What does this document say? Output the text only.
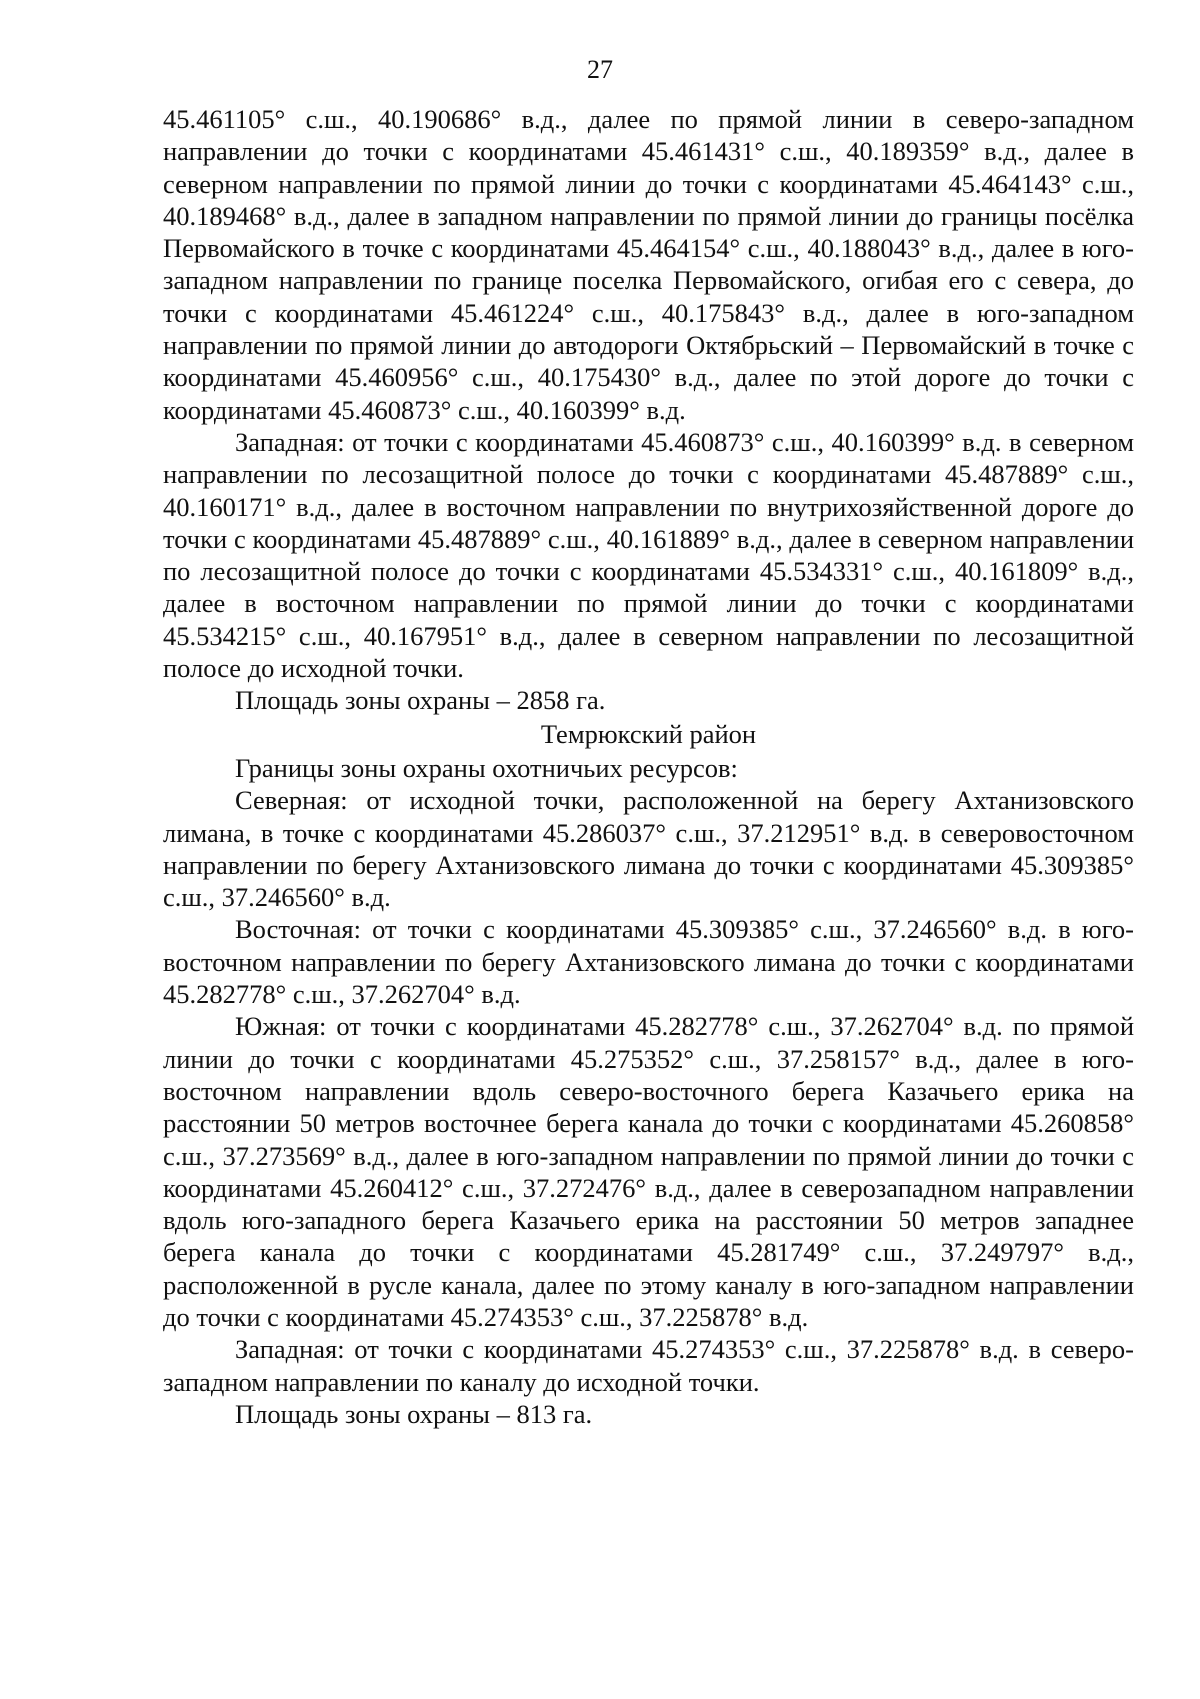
27

45.461105° с.ш., 40.190686° в.д., далее по прямой линии в северо-западном направлении до точки с координатами 45.461431° с.ш., 40.189359° в.д., далее в северном направлении по прямой линии до точки с координатами 45.464143° с.ш., 40.189468° в.д., далее в западном направлении по прямой линии до границы посёлка Первомайского в точке с координатами 45.464154° с.ш., 40.188043° в.д., далее в юго-западном направлении по границе поселка Первомайского, огибая его с севера, до точки с координатами 45.461224° с.ш., 40.175843° в.д., далее в юго-западном направлении по прямой линии до автодороги Октябрьский – Первомайский в точке с координатами 45.460956° с.ш., 40.175430° в.д., далее по этой дороге до точки с координатами 45.460873° с.ш., 40.160399° в.д.

Западная: от точки с координатами 45.460873° с.ш., 40.160399° в.д. в северном направлении по лесозащитной полосе до точки с координатами 45.487889° с.ш., 40.160171° в.д., далее в восточном направлении по внутрихозяйственной дороге до точки с координатами 45.487889° с.ш., 40.161889° в.д., далее в северном направлении по лесозащитной полосе до точки с координатами 45.534331° с.ш., 40.161809° в.д., далее в восточном направлении по прямой линии до точки с координатами 45.534215° с.ш., 40.167951° в.д., далее в северном направлении по лесозащитной полосе до исходной точки.

Площадь зоны охраны – 2858 га.

Темрюкский район

Границы зоны охраны охотничьих ресурсов:

Северная: от исходной точки, расположенной на берегу Ахтанизовского лимана, в точке с координатами 45.286037° с.ш., 37.212951° в.д. в северовосточном направлении по берегу Ахтанизовского лимана до точки с координатами 45.309385° с.ш., 37.246560° в.д.

Восточная: от точки с координатами 45.309385° с.ш., 37.246560° в.д. в юго-восточном направлении по берегу Ахтанизовского лимана до точки с координатами 45.282778° с.ш., 37.262704° в.д.

Южная: от точки с координатами 45.282778° с.ш., 37.262704° в.д. по прямой линии до точки с координатами 45.275352° с.ш., 37.258157° в.д., далее в юго-восточном направлении вдоль северо-восточного берега Казачьего ерика на расстоянии 50 метров восточнее берега канала до точки с координатами 45.260858° с.ш., 37.273569° в.д., далее в юго-западном направлении по прямой линии до точки с координатами 45.260412° с.ш., 37.272476° в.д., далее в северозападном направлении вдоль юго-западного берега Казачьего ерика на расстоянии 50 метров западнее берега канала до точки с координатами 45.281749° с.ш., 37.249797° в.д., расположенной в русле канала, далее по этому каналу в юго-западном направлении до точки с координатами 45.274353° с.ш., 37.225878° в.д.

Западная: от точки с координатами 45.274353° с.ш., 37.225878° в.д. в северо-западном направлении по каналу до исходной точки.

Площадь зоны охраны – 813 га.
